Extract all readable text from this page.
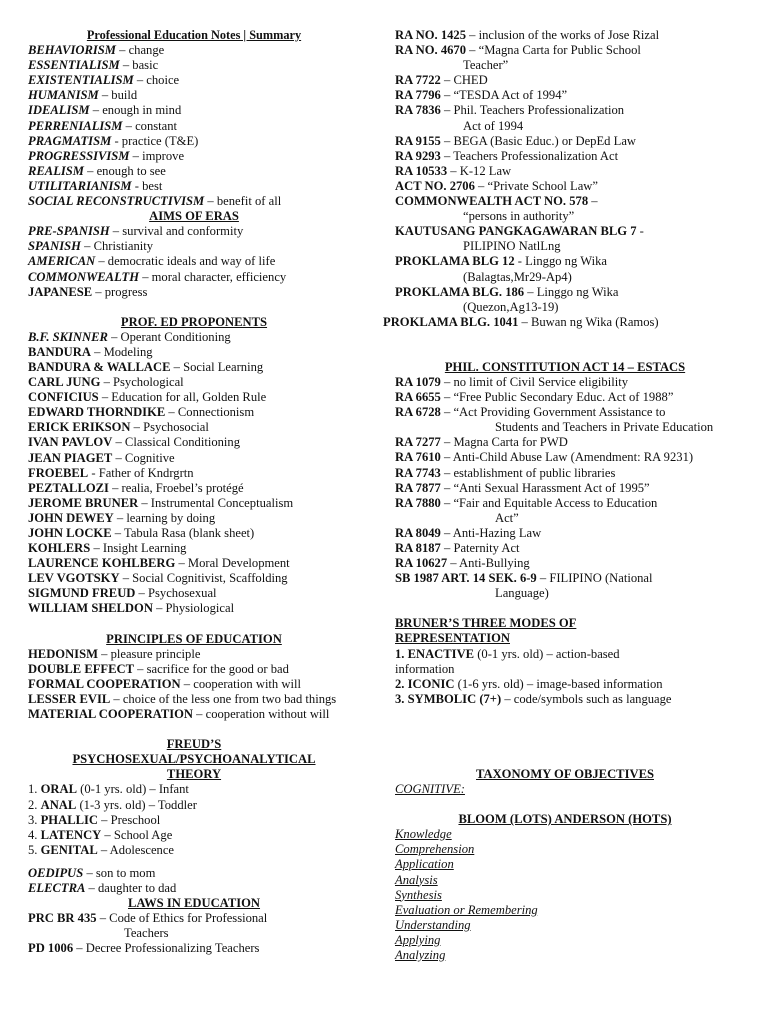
Professional Education Notes | Summary
BEHAVIORISM – change
ESSENTIALISM – basic
EXISTENTIALISM – choice
HUMANISM – build
IDEALISM – enough in mind
PERRENIALISM – constant
PRAGMATISM - practice (T&E)
PROGRESSIVISM – improve
REALISM – enough to see
UTILITARIANISM - best
SOCIAL RECONSTRUCTIVISM – benefit of all
AIMS OF ERAS
PRE-SPANISH – survival and conformity
SPANISH – Christianity
AMERICAN – democratic ideals and way of life
COMMONWEALTH – moral character, efficiency
JAPANESE – progress
PROF. ED PROPONENTS
B.F. SKINNER – Operant Conditioning
BANDURA – Modeling
BANDURA & WALLACE – Social Learning
CARL JUNG – Psychological
CONFICIUS – Education for all, Golden Rule
EDWARD THORNDIKE – Connectionism
ERICK ERIKSON – Psychosocial
IVAN PAVLOV – Classical Conditioning
JEAN PIAGET – Cognitive
FROEBEL - Father of Kndrgrtn
PEZTALLOZI – realia, Froebel’s protégé
JEROME BRUNER – Instrumental Conceptualism
JOHN DEWEY – learning by doing
JOHN LOCKE – Tabula Rasa (blank sheet)
KOHLERS – Insight Learning
LAURENCE KOHLBERG – Moral Development
LEV VGOTSKY – Social Cognitivist, Scaffolding
SIGMUND FREUD – Psychosexual
WILLIAM SHELDON – Physiological
PRINCIPLES OF EDUCATION
HEDONISM – pleasure principle
DOUBLE EFFECT – sacrifice for the good or bad
FORMAL COOPERATION – cooperation with will
LESSER EVIL – choice of the less one from two bad things
MATERIAL COOPERATION – cooperation without will
FREUD’S
PSYCHOSEXUAL/PSYCHOANALYTICAL
THEORY
1. ORAL (0-1 yrs. old) – Infant
2. ANAL (1-3 yrs. old) – Toddler
3. PHALLIC – Preschool
4. LATENCY – School Age
5. GENITAL – Adolescence
OEDIPUS – son to mom
ELECTRA – daughter to dad
LAWS IN EDUCATION
PRC BR 435 – Code of Ethics for Professional
Teachers
PD 1006 – Decree Professionalizing Teachers
RA NO. 1425 – inclusion of the works of Jose Rizal
RA NO. 4670 – “Magna Carta for Public School
Teacher”
RA 7722 – CHED
RA 7796 – “TESDA Act of 1994”
RA 7836 – Phil. Teachers Professionalization
Act of 1994
RA 9155 – BEGA (Basic Educ.) or DepEd Law
RA 9293 – Teachers Professionalization Act
RA 10533 – K-12 Law
ACT NO. 2706 – “Private School Law”
COMMONWEALTH ACT NO. 578 –
“persons in authority”
KAUTUSANG PANGKAGAWARAN BLG 7 -
PILIPINO NatlLng
PROKLAMA BLG 12 - Linggo ng Wika
(Balagtas,Mr29-Ap4)
PROKLAMA BLG. 186 – Linggo ng Wika
(Quezon,Ag13-19)
PROKLAMA BLG. 1041 – Buwan ng Wika (Ramos)
PHIL. CONSTITUTION ACT 14 – ESTACS
RA 1079 – no limit of Civil Service eligibility
RA 6655 – “Free Public Secondary Educ. Act of 1988”
RA 6728 – “Act Providing Government Assistance to
Students and Teachers in Private Education
RA 7277 – Magna Carta for PWD
RA 7610 – Anti-Child Abuse Law (Amendment: RA 9231)
RA 7743 – establishment of public libraries
RA 7877 – “Anti Sexual Harassment Act of 1995”
RA 7880 – “Fair and Equitable Access to Education
Act”
RA 8049 – Anti-Hazing Law
RA 8187 – Paternity Act
RA 10627 – Anti-Bullying
SB 1987 ART. 14 SEK. 6-9 – FILIPINO (National
Language)
BRUNER’S THREE MODES OF
REPRESENTATION
1. ENACTIVE (0-1 yrs. old) – action-based
information
2. ICONIC (1-6 yrs. old) – image-based information
3. SYMBOLIC (7+) – code/symbols such as language
TAXONOMY OF OBJECTIVES
COGNITIVE:
BLOOM (LOTS) ANDERSON (HOTS)
Knowledge
Comprehension
Application
Analysis
Synthesis
Evaluation or Remembering
Understanding
Applying
Analyzing
